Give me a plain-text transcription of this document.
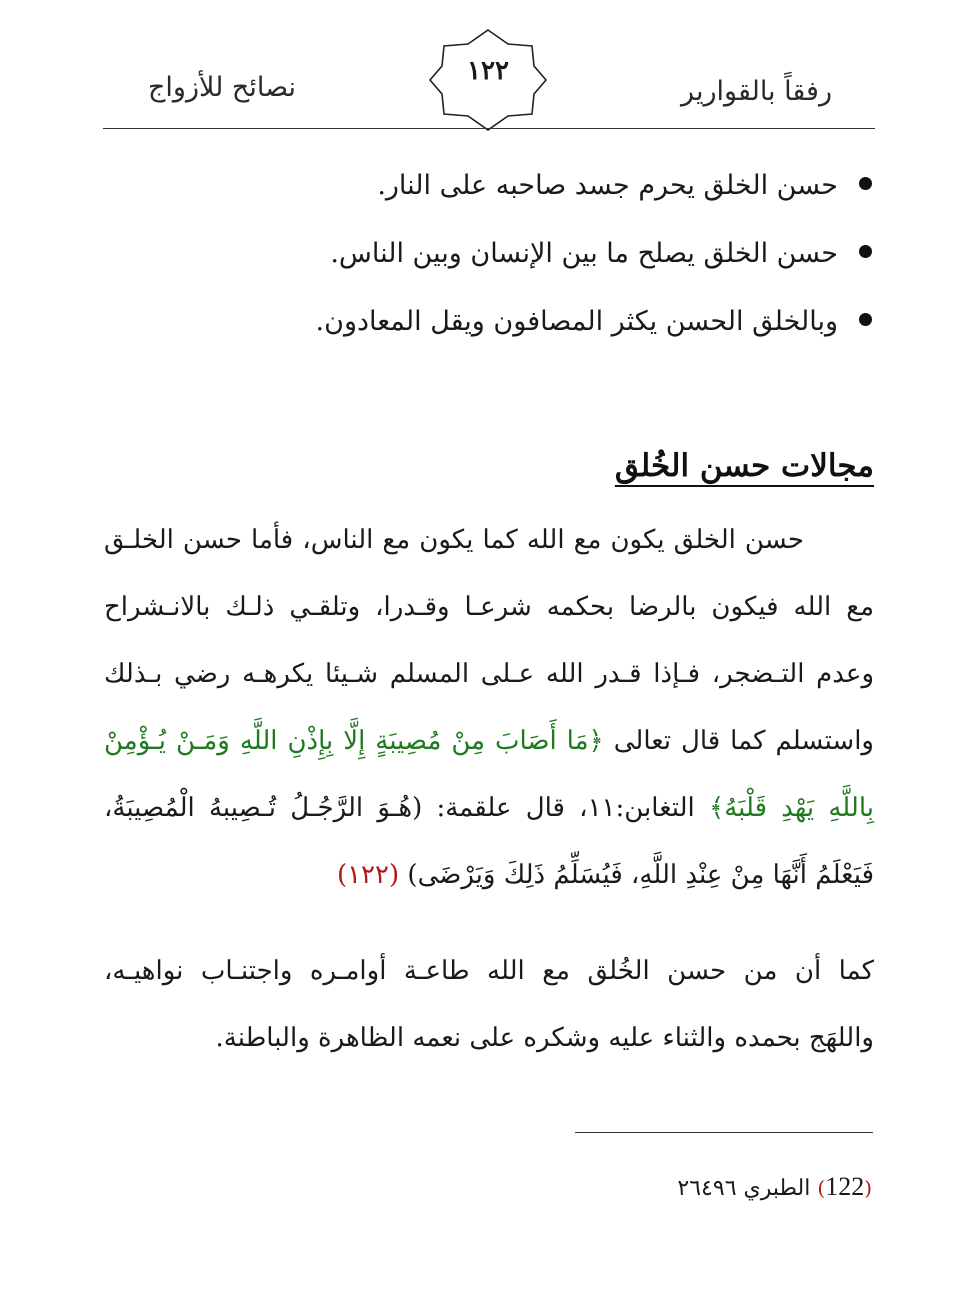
نصائح للأزواج
١٢٢
رفقاً بالقوارير
حسن الخلق يحرم جسد صاحبه على النار.
حسن الخلق يصلح ما بين الإنسان وبين الناس.
وبالخلق الحسن يكثر المصافون ويقل المعادون.
مجالات حسن الخُلق
حسن الخلق يكون مع الله كما يكون مع الناس، فأما حسن الخلـق
مع الله فيكون بالرضا بحكمه شرعـا وقـدرا، وتلقـي ذلـك بالانـشراح
وعدم التـضجر، فـإذا قـدر الله عـلى المسلم شـيئا يكرهـه رضي بـذلك
واستسلم كما قال تعالى ﴿مَا أَصَابَ مِنْ مُصِيبَةٍ إِلَّا بِإِذْنِ اللَّهِ وَمَـنْ يُـؤْمِنْ
بِاللَّهِ يَهْدِ قَلْبَهُ﴾ التغابن:١١، قال علقمة: (هُـوَ الرَّجُـلُ تُـصِيبهُ الْمُصِيبَةُ،
فَيَعْلَمُ أَنَّهَا مِنْ عِنْدِ اللَّهِ، فَيُسَلِّمُ ذَلِكَ وَيَرْضَى) (١٢٢)
كما أن من حسن الخُلق مع الله طاعـة أوامـره واجتنـاب نواهيـه،
واللهَج بحمده والثناء عليه وشكره على نعمه الظاهرة والباطنة.
(122) الطبري ٢٦٤٩٦
